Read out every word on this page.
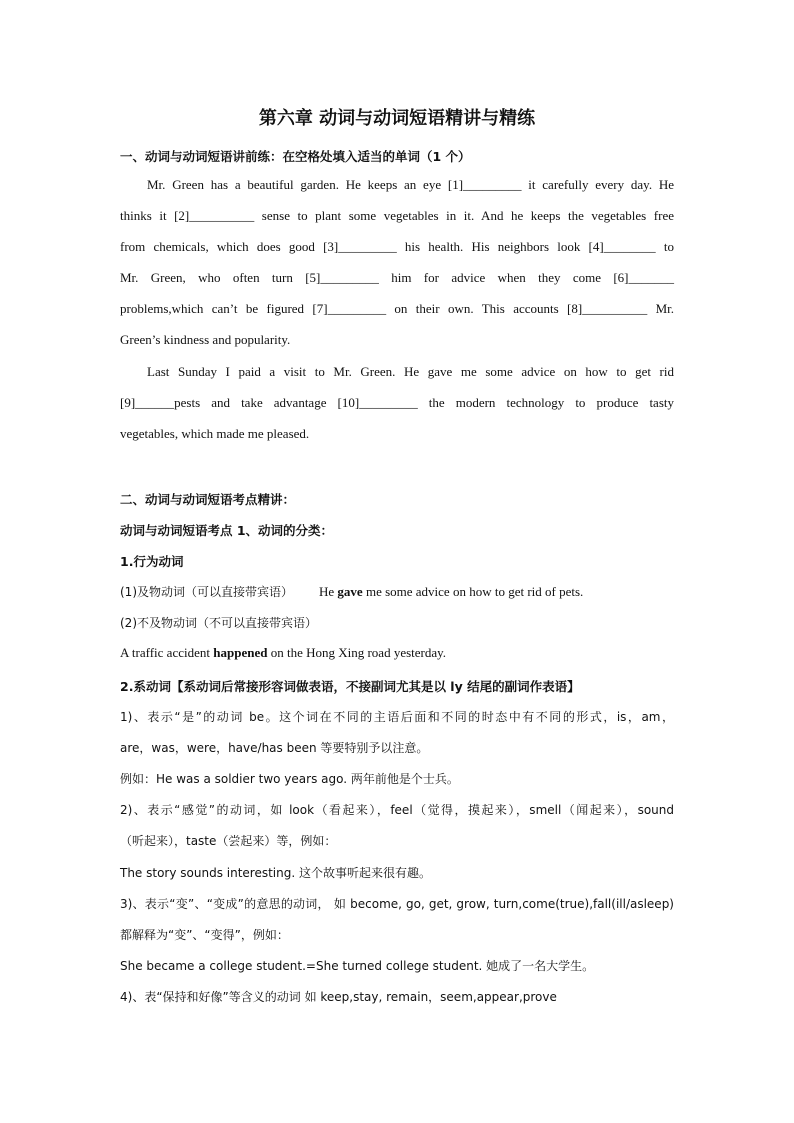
第六章 动词与动词短语精讲与精练
一、动词与动词短语讲前练：在空格处填入适当的单词（1 个）
Mr. Green has a beautiful garden. He keeps an eye [1]_________ it carefully every day. He
thinks it [2]__________ sense to plant some vegetables in it. And he keeps the vegetables free
from chemicals, which does good [3]_________ his health. His neighbors look [4]________ to
Mr. Green, who often turn [5]_________ him for advice when they come [6]_______
problems,which can’t be figured [7]_________ on their own. This accounts [8]__________ Mr.
Green’s kindness and popularity.
Last Sunday I paid a visit to Mr. Green. He gave me some advice on how to get rid
[9]______pests and take advantage [10]_________ the modern technology to produce tasty
vegetables, which made me pleased.
二、动词与动词短语考点精讲：
动词与动词短语考点 1、动词的分类：
1.行为动词
(1)及物动词（可以直接带宾语） He gave me some advice on how to get rid of pets.
(2)不及物动词（不可以直接带宾语）
A traffic accident happened on the Hong Xing road yesterday.
2.系动词【系动词后常接形容词做表语，不接副词尤其是以 ly 结尾的副词作表语】
1)、表示“是”的动词 be。这个词在不同的主语后面和不同的时态中有不同的形式，is，am，
are，was，were，have/has been 等要特别予以注意。
例如：He was a soldier two years ago. 两年前他是个士兵。
2)、表示“感觉”的动词，如 look（看起来），feel（觉得，摸起来），smell（闻起来），sound
（听起来），taste（尝起来）等，例如：
The story sounds interesting. 这个故事听起来很有趣。
3)、表示“变”、“变成”的意思的动词， 如 become, go, get, grow, turn,come(true),fall(ill/asleep)
都解释为“变”、“变得”，例如：
She became a college student.=She turned college student. 她成了一名大学生。
4)、表“保持和好像”等含义的动词 如 keep,stay, remain，seem,appear,prove
